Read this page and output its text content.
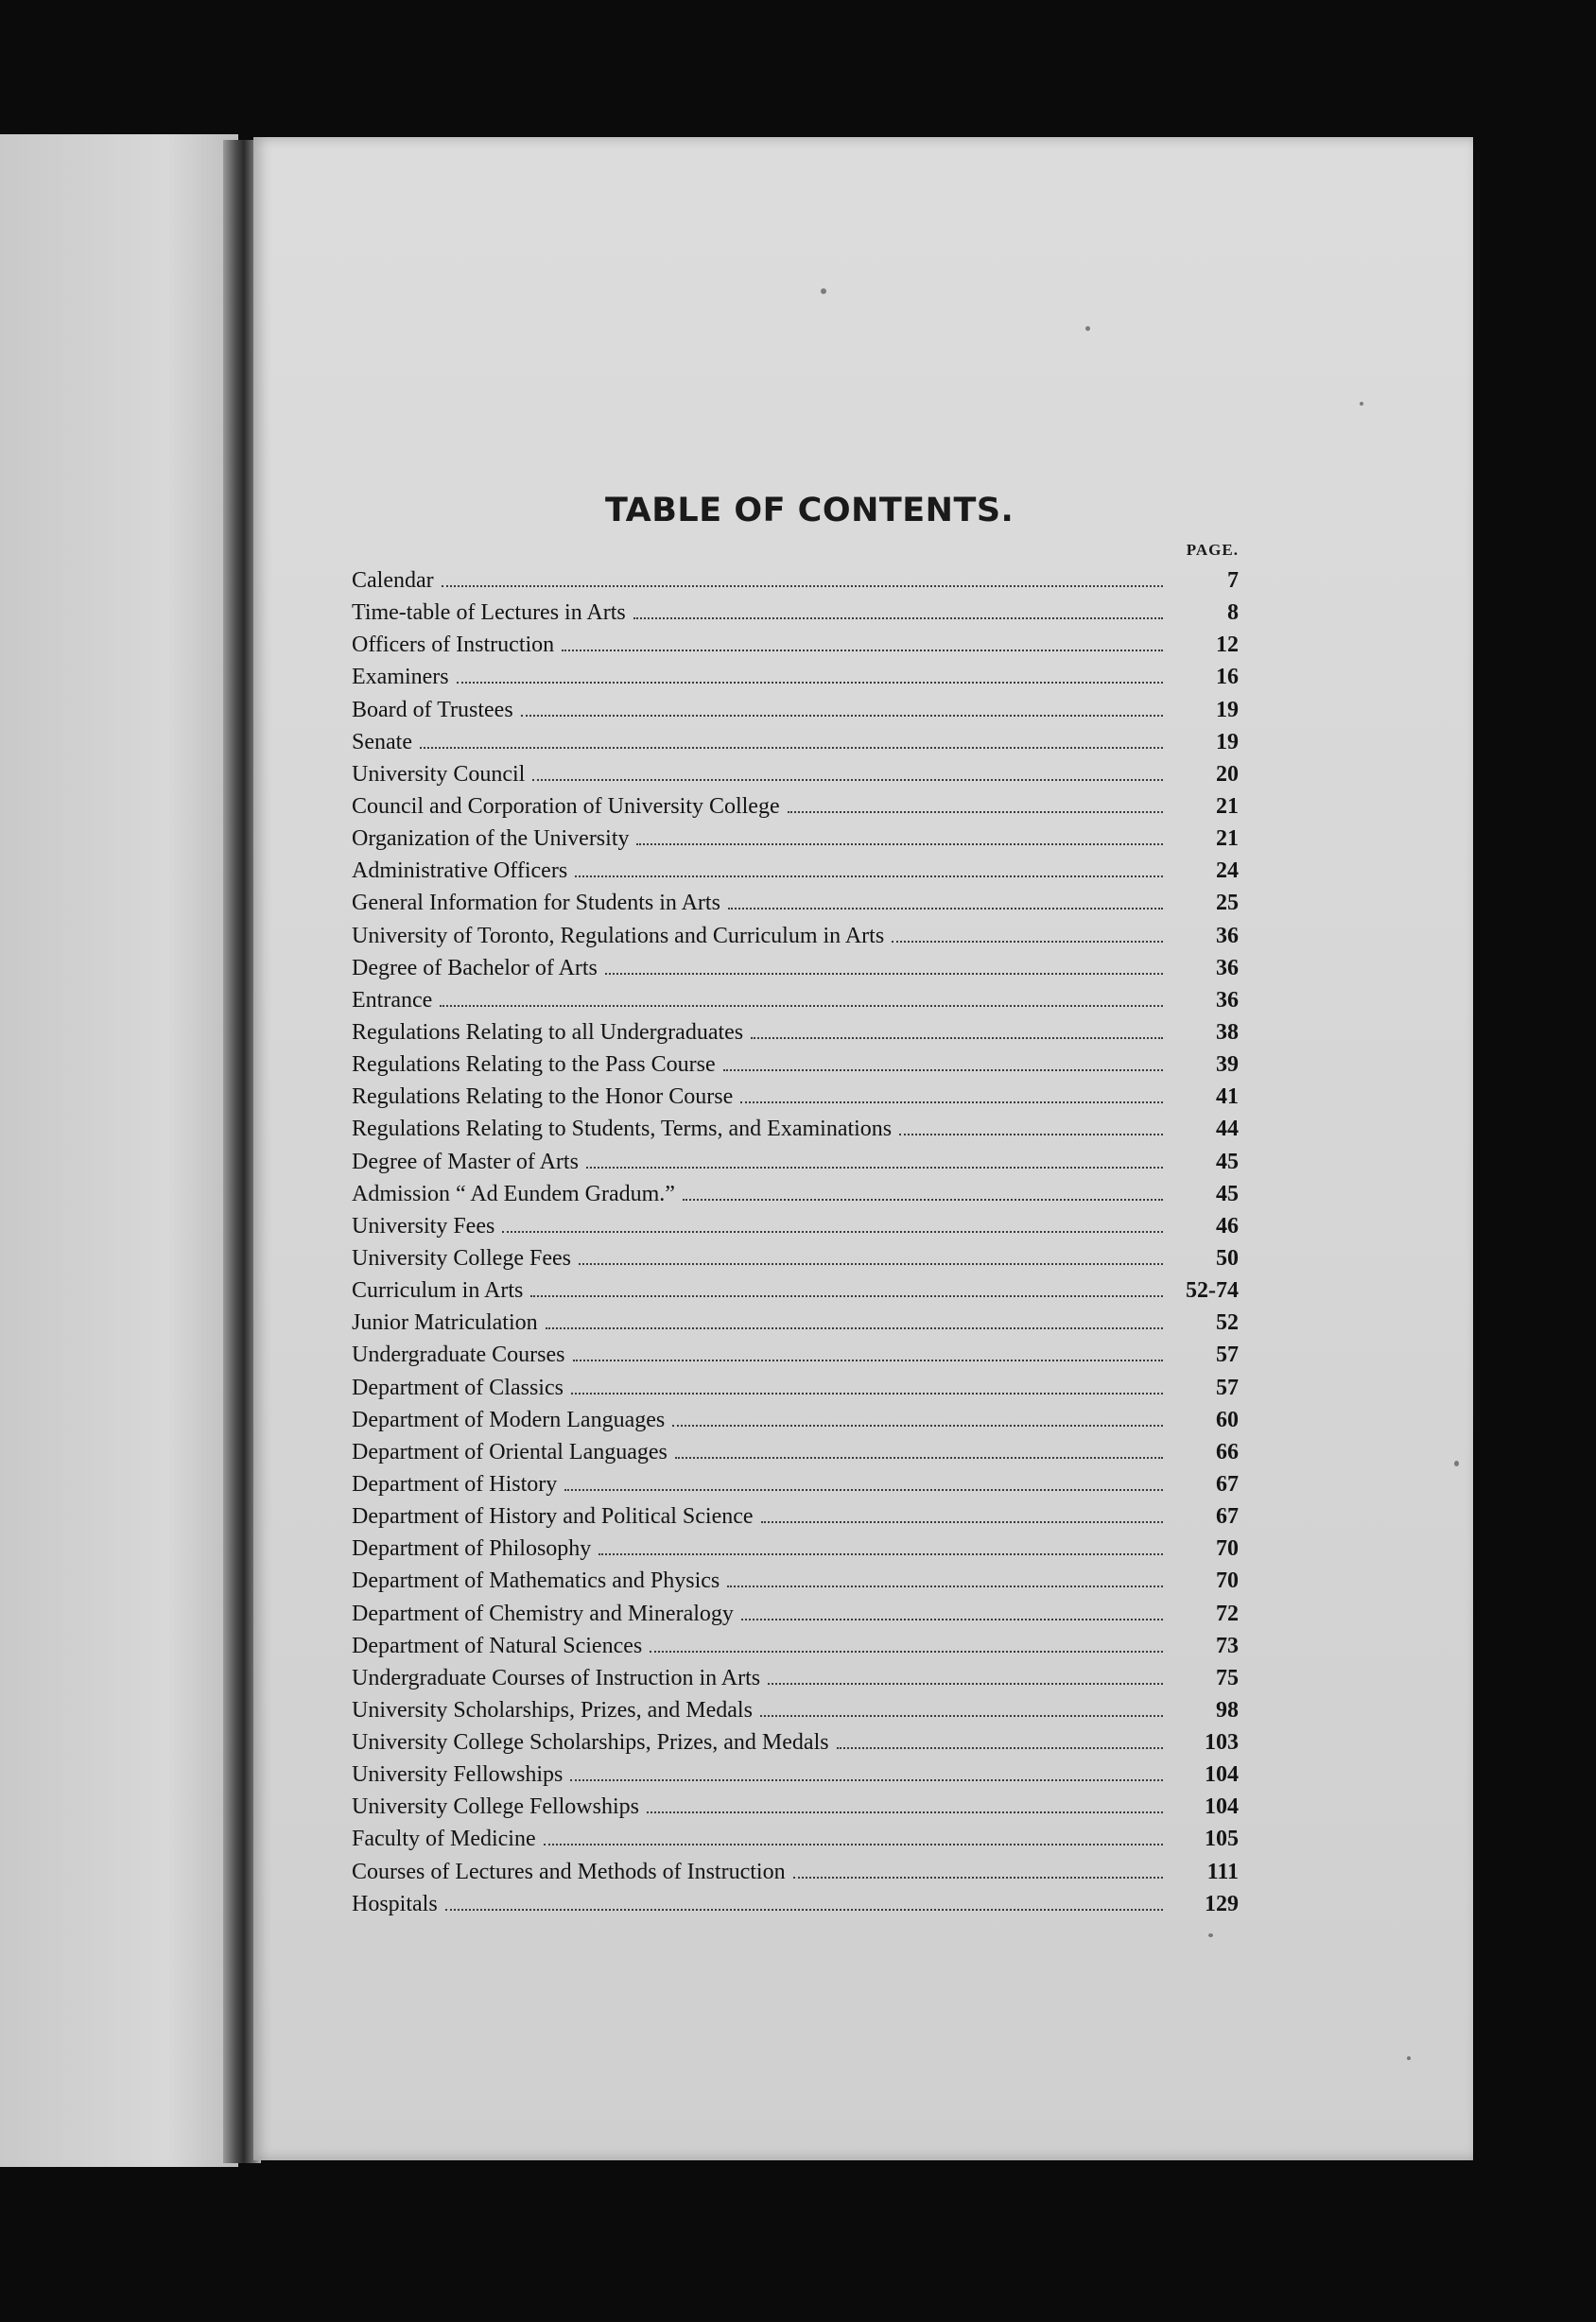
TABLE OF CONTENTS.
PAGE.
Calendar	7
Time-table of Lectures in Arts	8
Officers of Instruction	12
Examiners	16
Board of Trustees	19
Senate	19
University Council	20
Council and Corporation of University College	21
Organization of the University	21
Administrative Officers	24
General Information for Students in Arts	25
University of Toronto, Regulations and Curriculum in Arts	36
Degree of Bachelor of Arts	36
Entrance	36
Regulations Relating to all Undergraduates	38
Regulations Relating to the Pass Course	39
Regulations Relating to the Honor Course	41
Regulations Relating to Students, Terms, and Examinations	44
Degree of Master of Arts	45
Admission “ Ad Eundem Gradum.”	45
University Fees	46
University College Fees	50
Curriculum in Arts	52-74
Junior Matriculation	52
Undergraduate Courses	57
Department of Classics	57
Department of Modern Languages	60
Department of Oriental Languages	66
Department of History	67
Department of History and Political Science	67
Department of Philosophy	70
Department of Mathematics and Physics	70
Department of Chemistry and Mineralogy	72
Department of Natural Sciences	73
Undergraduate Courses of Instruction in Arts	75
University Scholarships, Prizes, and Medals	98
University College Scholarships, Prizes, and Medals	103
University Fellowships	104
University College Fellowships	104
Faculty of Medicine	105
Courses of Lectures and Methods of Instruction	111
Hospitals	129
